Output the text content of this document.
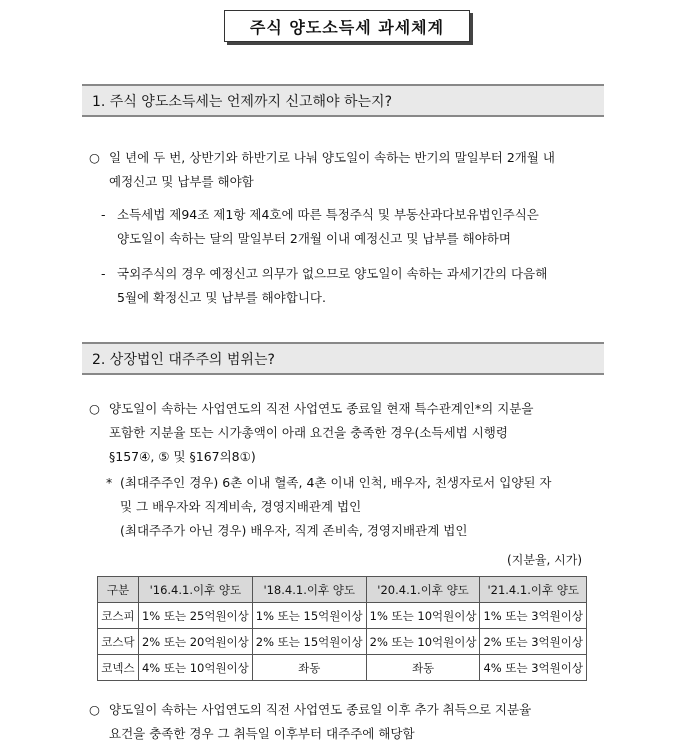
주식 양도소득세 과세체계
1. 주식 양도소득세는 언제까지 신고해야 하는지?
○ 일 년에 두 번, 상반기와 하반기로 나눠 양도일이 속하는 반기의 말일부터 2개월 내
예정신고 및 납부를 해야함
- 소득세법 제94조 제1항 제4호에 따른 특정주식 및 부동산과다보유법인주식은
양도일이 속하는 달의 말일부터 2개월 이내 예정신고 및 납부를 해야하며
- 국외주식의 경우 예정신고 의무가 없으므로 양도일이 속하는 과세기간의 다음해
5월에 확정신고 및 납부를 해야합니다.
2. 상장법인 대주주의 범위는?
○ 양도일이 속하는 사업연도의 직전 사업연도 종료일 현재 특수관계인*의 지분을
포함한 지분율 또는 시가총액이 아래 요건을 충족한 경우(소득세법 시행령
§157④, ⑤ 및 §167의8①)
* (최대주주인 경우) 6촌 이내 혈족, 4촌 이내 인척, 배우자, 친생자로서 입양된 자
및 그 배우자와 직계비속, 경영지배관계 법인
(최대주주가 아닌 경우) 배우자, 직계 존비속, 경영지배관계 법인
(지분율, 시가)
구분	'16.4.1.이후 양도	'18.4.1.이후 양도	'20.4.1.이후 양도	'21.4.1.이후 양도
코스피	1% 또는 25억원이상	1% 또는 15억원이상	1% 또는 10억원이상	1% 또는 3억원이상
코스닥	2% 또는 20억원이상	2% 또는 15억원이상	2% 또는 10억원이상	2% 또는 3억원이상
코넥스	4% 또는 10억원이상	좌동	좌동	4% 또는 3억원이상
○ 양도일이 속하는 사업연도의 직전 사업연도 종료일 이후 추가 취득으로 지분율
요건을 충족한 경우 그 취득일 이후부터 대주주에 해당함
